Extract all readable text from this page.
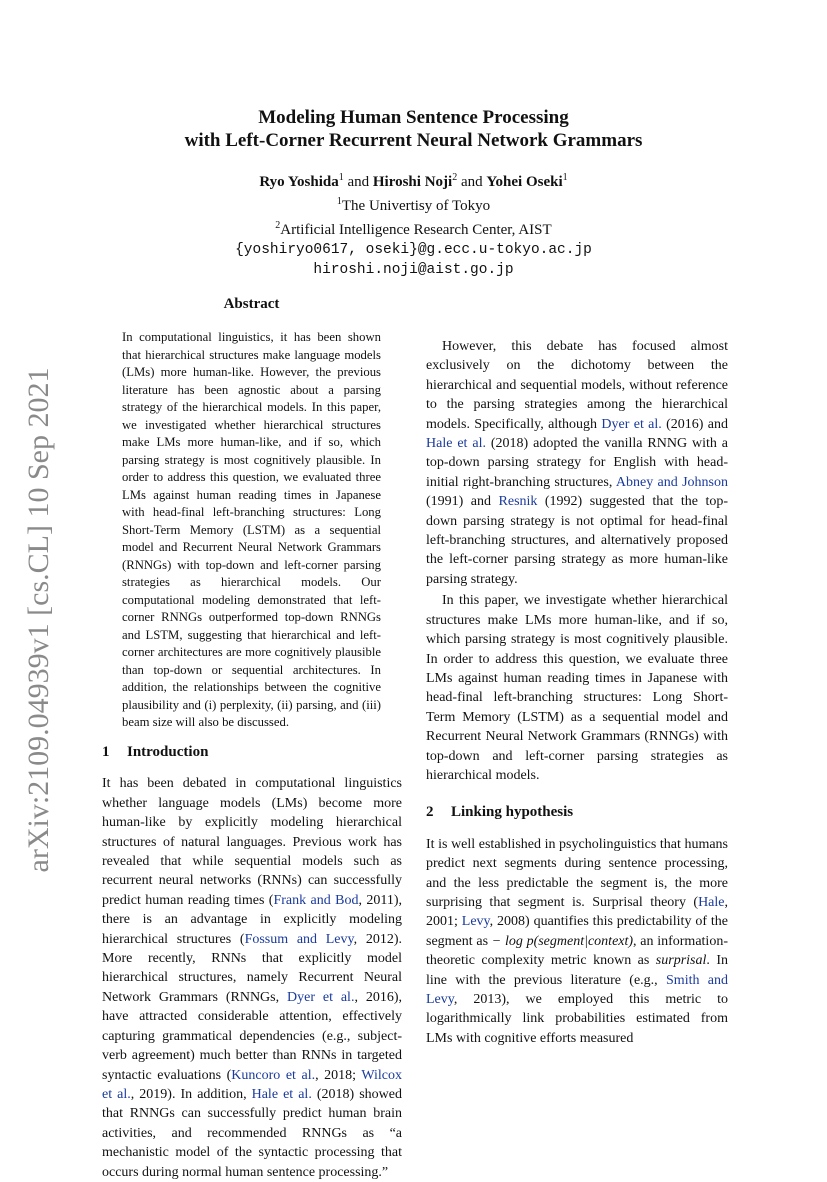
arXiv:2109.04939v1 [cs.CL] 10 Sep 2021
Modeling Human Sentence Processing
with Left-Corner Recurrent Neural Network Grammars
Ryo Yoshida$^1$ and Hiroshi Noji$^2$ and Yohei Oseki$^1$
$^1$The Univertisy of Tokyo
$^2$Artificial Intelligence Research Center, AIST
{yoshiryo0617, oseki}@g.ecc.u-tokyo.ac.jp
hiroshi.noji@aist.go.jp
Abstract
In computational linguistics, it has been shown that hierarchical structures make language models (LMs) more human-like. However, the previous literature has been agnostic about a parsing strategy of the hierarchical models. In this paper, we investigated whether hierarchical structures make LMs more human-like, and if so, which parsing strategy is most cognitively plausible. In order to address this question, we evaluated three LMs against human reading times in Japanese with head-final left-branching structures: Long Short-Term Memory (LSTM) as a sequential model and Recurrent Neural Network Grammars (RNNGs) with top-down and left-corner parsing strategies as hierarchical models. Our computational modeling demonstrated that left-corner RNNGs outperformed top-down RNNGs and LSTM, suggesting that hierarchical and left-corner architectures are more cognitively plausible than top-down or sequential architectures. In addition, the relationships between the cognitive plausibility and (i) perplexity, (ii) parsing, and (iii) beam size will also be discussed.
1 Introduction

It has been debated in computational linguistics whether language models (LMs) become more human-like by explicitly modeling hierarchical structures of natural languages. Previous work has revealed that while sequential models such as recurrent neural networks (RNNs) can successfully predict human reading times (Frank and Bod, 2011), there is an advantage in explicitly modeling hierarchical structures (Fossum and Levy, 2012). More recently, RNNs that explicitly model hierarchical structures, namely Recurrent Neural Network Grammars (RNNGs, Dyer et al., 2016), have attracted considerable attention, effectively capturing grammatical dependencies (e.g., subject-verb agreement) much better than RNNs in targeted syntactic evaluations (Kuncoro et al., 2018; Wilcox et al., 2019). In addition, Hale et al. (2018) showed that RNNGs can successfully predict human brain activities, and recommended RNNGs as “a mechanistic model of the syntactic processing that occurs during normal human sentence processing.”

However, this debate has focused almost exclusively on the dichotomy between the hierarchical and sequential models, without reference to the parsing strategies among the hierarchical models. Specifically, although Dyer et al. (2016) and Hale et al. (2018) adopted the vanilla RNNG with a top-down parsing strategy for English with head-initial right-branching structures, Abney and Johnson (1991) and Resnik (1992) suggested that the top-down parsing strategy is not optimal for head-final left-branching structures, and alternatively proposed the left-corner parsing strategy as more human-like parsing strategy.

In this paper, we investigate whether hierarchical structures make LMs more human-like, and if so, which parsing strategy is most cognitively plausible. In order to address this question, we evaluate three LMs against human reading times in Japanese with head-final left-branching structures: Long Short-Term Memory (LSTM) as a sequential model and Recurrent Neural Network Grammars (RNNGs) with top-down and left-corner parsing strategies as hierarchical models.

2 Linking hypothesis

It is well established in psycholinguistics that humans predict next segments during sentence processing, and the less predictable the segment is, the more surprising that segment is. Surprisal theory (Hale, 2001; Levy, 2008) quantifies this predictability of the segment as − log p(segment|context), an information-theoretic complexity metric known as surprisal. In line with the previous literature (e.g., Smith and Levy, 2013), we employed this metric to logarithmically link probabilities estimated from LMs with cognitive efforts measured
